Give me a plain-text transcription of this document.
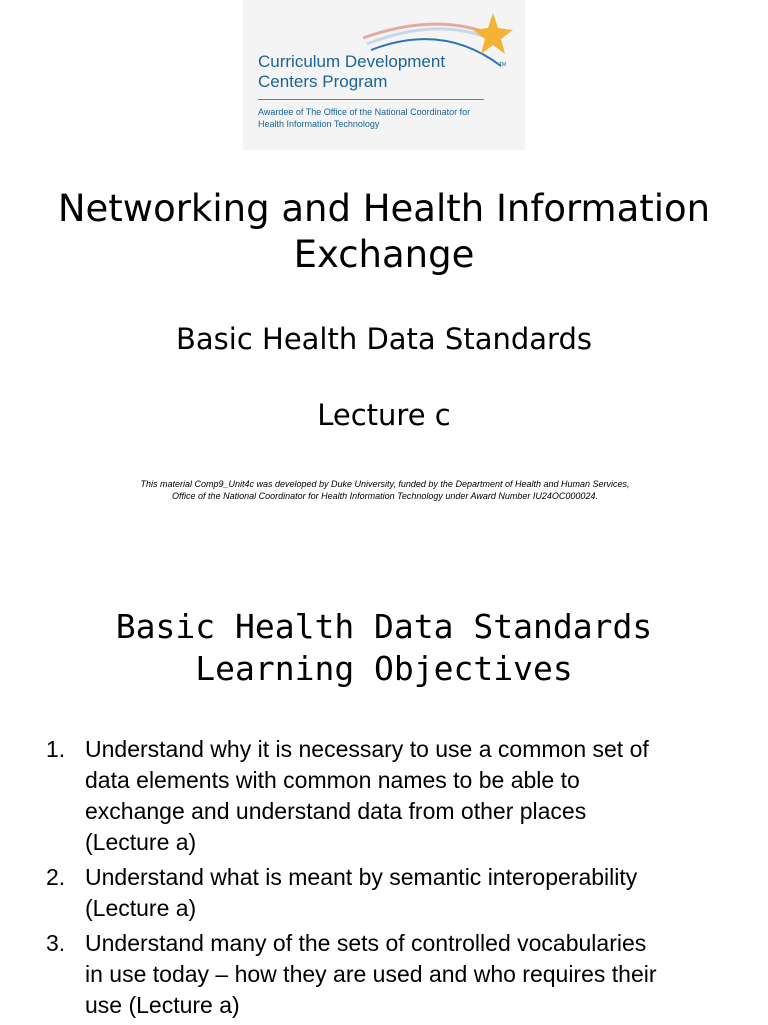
Curriculum Development
Centers Program
TM
Awardee of The Office of the National Coordinator for
Health Information Technology
Networking and Health Information
Exchange
Basic Health Data Standards
Lecture c
This material Comp9_Unit4c was developed by Duke University, funded by the Department of Health and Human Services,
Office of the National Coordinator for Health Information Technology under Award Number IU24OC000024.
Basic Health Data Standards
Learning Objectives
1. Understand why it is necessary to use a common set of
data elements with common names to be able to
exchange and understand data from other places
(Lecture a)
2. Understand what is meant by semantic interoperability
(Lecture a)
3. Understand many of the sets of controlled vocabularies
in use today – how they are used and who requires their
use (Lecture a)
